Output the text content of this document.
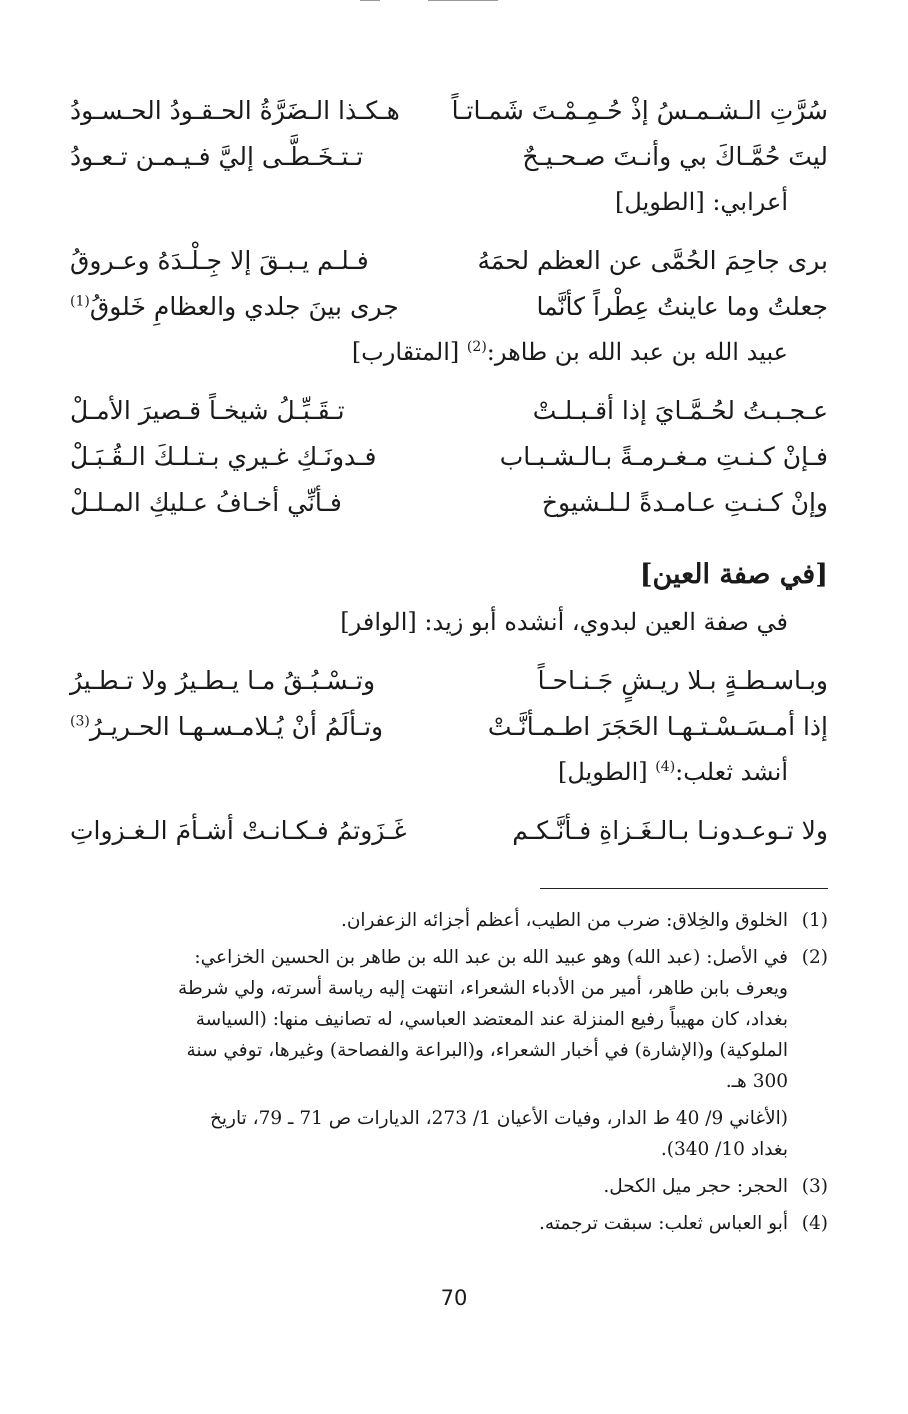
سُرَّتِ الـشـمـسُ إذْ حُـمِـمْـتَ شَمـاتـاً
هـكـذا الـضَرَّةُ الحـقـودُ الحـسـودُ
ليتَ حُمَّـاكَ بي وأنـتَ صـحـيـحٌ
تـتـخَـطَّـى إليَّ فـيـمـن تـعـودُ
أعرابي: [الطويل]
برى جاحِمَ الحُمَّى عن العظم لحمَهُ
فـلـم يـبـقَ إلا جِـلْـدَهُ وعـروقُ
جعلتُ وما عاينتُ عِطْراً كأنَّما
جرى بينَ جلدي والعظامِ خَلوقُ$^{(1)}$
عبيد الله بن عبد الله بن طاهر:$^{(2)}$ [المتقارب]
عـجـبـتُ لحُـمَّـايَ إذا أقـبـلـتْ
تـقَـبِّـلُ شيخـاً قـصيرَ الأمـلْ
فـإنْ كـنـتِ مـغـرمـةً بـالـشـبـاب
فـدونَـكِ غـيري بـتـلـكَ الـقُـبَـلْ
وإنْ كـنـتِ عـامـدةً لـلـشيوخ
فـأنِّي أخـافُ عـليكِ المـلـلْ
[في صفة العين]
في صفة العين لبدوي، أنشده أبو زيد: [الوافر]
وبـاسـطـةٍ بـلا ريـشٍ جَـنـاحـاً
وتـسْـبُـقُ مـا يـطـيرُ ولا تـطـيرُ
إذا أمـسَـسْـتـهـا الحَجَرَ اطـمـأنَّـتْ
وتـألَمُ أنْ يُـلامـسـهـا الحـريـرُ$^{(3)}$
أنشد ثعلب:$^{(4)}$ [الطويل]
ولا تـوعـدونـا بـالـغَـزاةِ فـأنَّـكـم
غَـزَوتمُ فـكـانـتْ أشـأمَ الـغـزواتِ
(1)
الخلوق والخِلاق: ضرب من الطيب، أعظم أجزائه الزعفران.
(2)
في الأصل: (عبد الله) وهو عبيد الله بن عبد الله بن طاهر بن الحسين الخزاعي:
ويعرف بابن طاهر، أمير من الأدباء الشعراء، انتهت إليه رياسة أسرته، ولي شرطة
بغداد، كان مهيباً رفيع المنزلة عند المعتضد العباسي، له تصانيف منها: (السياسة
الملوكية) و(الإشارة) في أخبار الشعراء، و(البراعة والفصاحة) وغيرها، توفي سنة
300 هـ.
(الأغاني 9/ 40 ط الدار، وفيات الأعيان 1/ 273، الديارات ص 71 ـ 79، تاريخ
بغداد 10/ 340).
(3)
الحجر: حجر ميل الكحل.
(4)
أبو العباس ثعلب: سبقت ترجمته.
70
